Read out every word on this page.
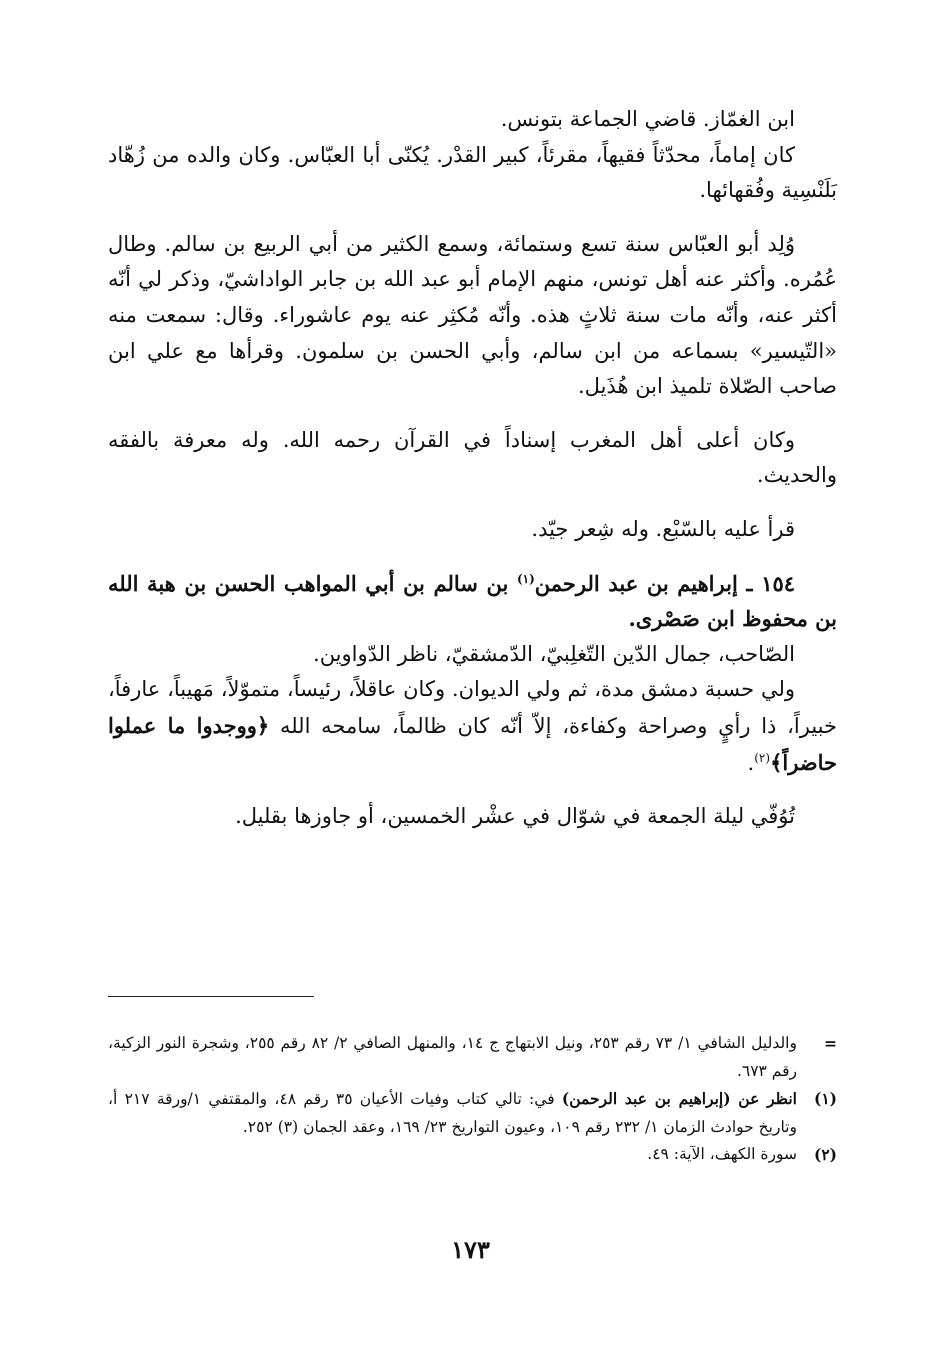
ابن الغمّاز. قاضي الجماعة بتونس.

كان إماماً، محدّثاً فقيهاً، مقرئاً، كبير القدْر. يُكنّى أبا العبّاس. وكان والده من زُهّاد بَلَنْسِية وفُقهائها.

وُلِد أبو العبّاس سنة تسع وستمائة، وسمع الكثير من أبي الربيع بن سالم. وطال عُمُره. وأكثر عنه أهل تونس، منهم الإمام أبو عبد الله بن جابر الواداشيّ، وذكر لي أنّه أكثر عنه، وأنّه مات سنة ثلاثٍ هذه. وأنّه مُكثِر عنه يوم عاشوراء. وقال: سمعت منه «التّيسير» بسماعه من ابن سالم، وأبي الحسن بن سلمون. وقرأها مع علي ابن صاحب الصّلاة تلميذ ابن هُذَيل.

وكان أعلى أهل المغرب إسناداً في القرآن رحمه الله. وله معرفة بالفقه والحديث.

قرأ عليه بالسّبْع. وله شِعر جيّد.

١٥٤ ـ إبراهيم بن عبد الرحمن$^{(١)}$ بن سالم بن أبي المواهب الحسن بن هبة الله بن محفوظ ابن صَصْرى.

الصّاحب، جمال الدّين التّغلِبيّ، الدّمشقيّ، ناظر الدّواوين.

ولي حسبة دمشق مدة، ثم ولي الديوان. وكان عاقلاً، رئيساً، متموّلاً، مَهيباً، عارفاً، خبيراً، ذا رأيٍ وصراحة وكفاءة، إلاّ أنّه كان ظالماً، سامحه الله ﴿ووجدوا ما عملوا حاضراً﴾$^{(٢)}$.

تُوُفّي ليلة الجمعة في شوّال في عشْر الخمسين، أو جاوزها بقليل.

=
والدليل الشافي ١/ ٧٣ رقم ٢٥٣، ونيل الابتهاج ج ١٤، والمنهل الصافي ٢/ ٨٢ رقم ٢٥٥، وشجرة النور الزكية، رقم ٦٧٣.
(١)
انظر عن (إبراهيم بن عبد الرحمن) في: تالي كتاب وفيات الأعيان ٣٥ رقم ٤٨، والمقتفي ١/ورقة ٢١٧ أ، وتاريخ حوادث الزمان ١/ ٢٣٢ رقم ١٠٩، وعيون التواريخ ٢٣/ ١٦٩، وعقد الجمان (٣) ٢٥٢.
(٢)
سورة الكهف، الآية: ٤٩.
١٧٣
